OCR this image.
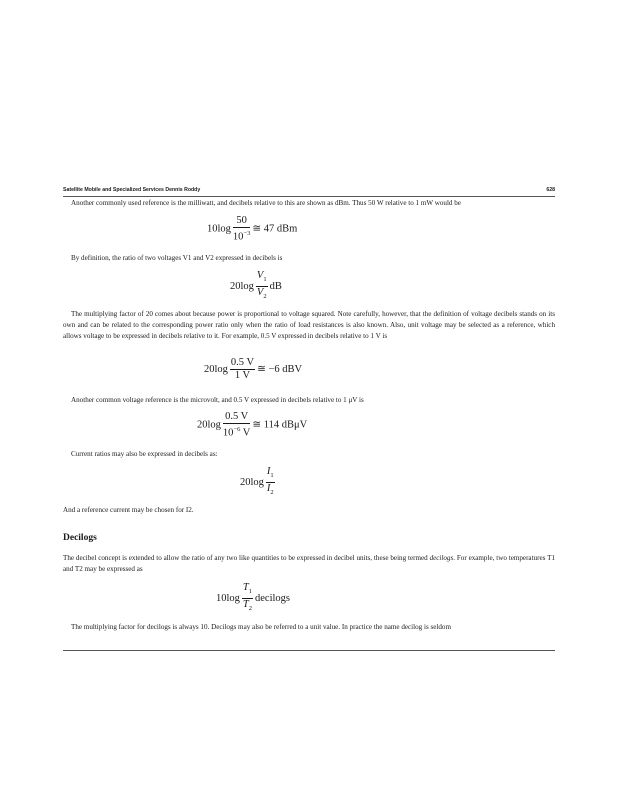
Satellite Mobile and Specialized Services Dennis Roddy	628
Another commonly used reference is the milliwatt, and decibels relative to this are shown as dBm. Thus 50 W relative to 1 mW would be
$10\log \frac{50}{10^{-3}}$ ≅ 47 dBm
By definition, the ratio of two voltages V1 and V2 expressed in decibels is
$20\log \frac{V_1}{V_2}$ dB
The multiplying factor of 20 comes about because power is proportional to voltage squared. Note carefully, however, that the definition of voltage decibels stands on its own and can be related to the corresponding power ratio only when the ratio of load resistances is also known. Also, unit voltage may be selected as a reference, which allows voltage to be expressed in decibels relative to it. For example, 0.5 V expressed in decibels relative to 1 V is
$20\log \frac{0.5 V}{1 V}$ ≅ −6 dBV
Another common voltage reference is the microvolt, and 0.5 V expressed in decibels relative to 1 μV is
$20\log \frac{0.5 V}{10^{-6} V}$ ≅ 114 dBμV
Current ratios may also be expressed in decibels as:
$20\log \frac{I_1}{I_2}$
And a reference current may be chosen for I2.
Decilogs
The decibel concept is extended to allow the ratio of any two like quantities to be expressed in decibel units, these being termed decilogs. For example, two temperatures T1 and T2 may be expressed as
$10\log \frac{T_1}{T_2}$ decilogs
The multiplying factor for decilogs is always 10. Decilogs may also be referred to a unit value. In practice the name decilog is seldom
